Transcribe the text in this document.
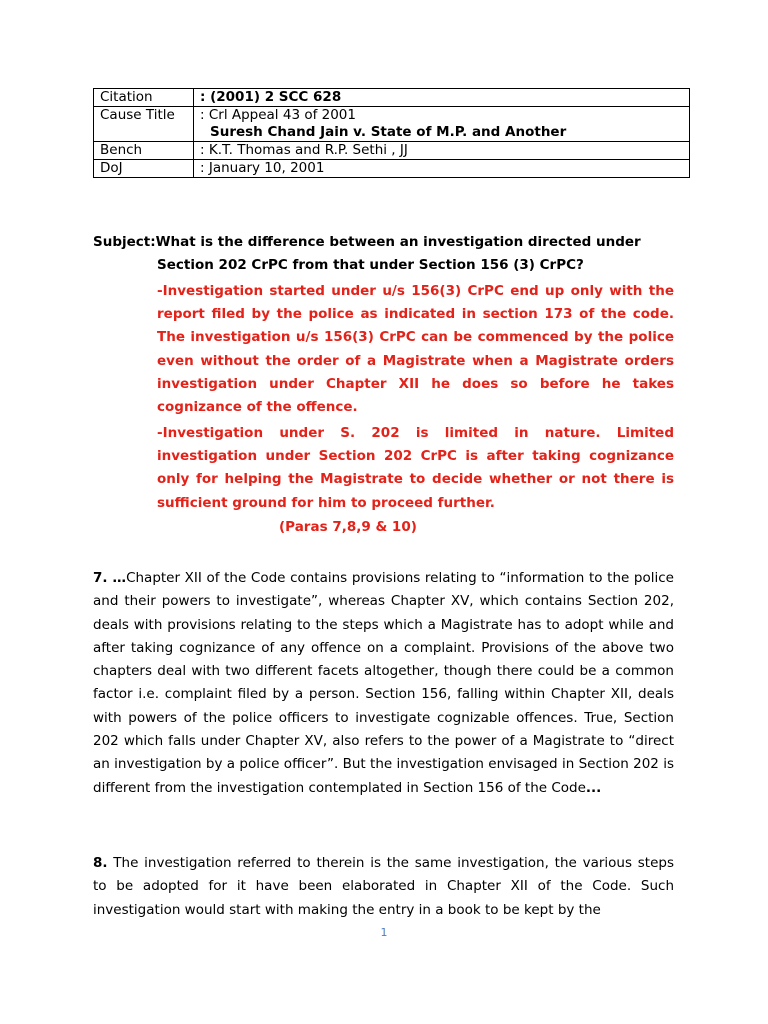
Citation	: (2001) 2 SCC 628
Cause Title	: Crl Appeal 43 of 2001
Suresh Chand Jain v. State of M.P. and Another

Bench	: K.T. Thomas and R.P. Sethi , JJ
DoJ	: January 10, 2001
Subject:What is the difference between an investigation directed under
Section 202 CrPC from that under Section 156 (3) CrPC?
-Investigation started under u/s 156(3) CrPC end up only with the report filed by the police as indicated in section 173 of the code. The investigation u/s 156(3) CrPC can be commenced by the police even without the order of a Magistrate when a Magistrate orders investigation under Chapter XII he does so before he takes cognizance of the offence.
-Investigation under S. 202 is limited in nature. Limited investigation under Section 202 CrPC is after taking cognizance only for helping the Magistrate to decide whether or not there is sufficient ground for him to proceed further.
(Paras 7,8,9 & 10)
7. …Chapter XII of the Code contains provisions relating to “information to the police and their powers to investigate”, whereas Chapter XV, which contains Section 202, deals with provisions relating to the steps which a Magistrate has to adopt while and after taking cognizance of any offence on a complaint. Provisions of the above two chapters deal with two different facets altogether, though there could be a common factor i.e. complaint filed by a person. Section 156, falling within Chapter XII, deals with powers of the police officers to investigate cognizable offences. True, Section 202 which falls under Chapter XV, also refers to the power of a Magistrate to “direct an investigation by a police officer”. But the investigation envisaged in Section 202 is different from the investigation contemplated in Section 156 of the Code...
8. The investigation referred to therein is the same investigation, the various steps to be adopted for it have been elaborated in Chapter XII of the Code. Such investigation would start with making the entry in a book to be kept by the
1
